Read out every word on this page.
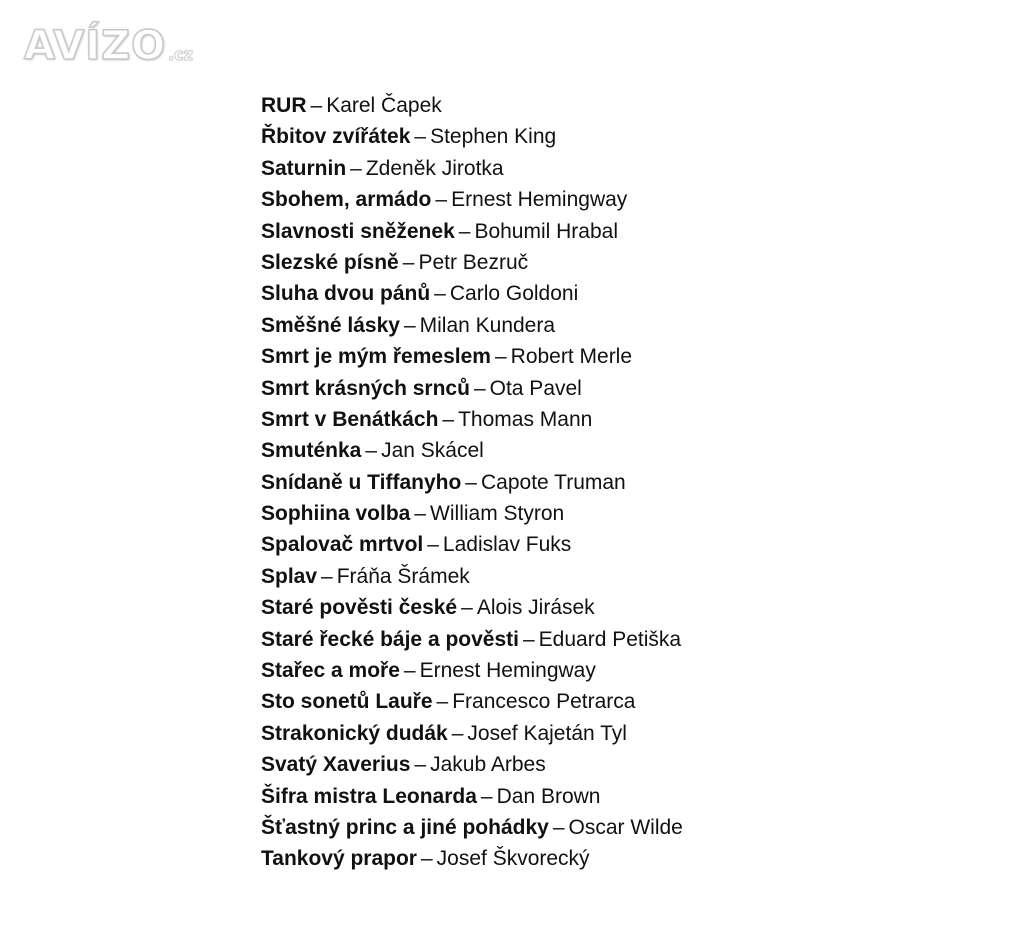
AVÍZO .cz
RUR – Karel Čapek
Řbitov zvířátek – Stephen King
Saturnin – Zdeněk Jirotka
Sbohem, armádo – Ernest Hemingway
Slavnosti sněženek – Bohumil Hrabal
Slezské písně – Petr Bezruč
Sluha dvou pánů – Carlo Goldoni
Směšné lásky – Milan Kundera
Smrt je mým řemeslem – Robert Merle
Smrt krásných srnců – Ota Pavel
Smrt v Benátkách – Thomas Mann
Smuténka – Jan Skácel
Snídaně u Tiffanyho – Capote Truman
Sophiina volba – William Styron
Spalovač mrtvol – Ladislav Fuks
Splav – Fráňa Šrámek
Staré pověsti české – Alois Jirásek
Staré řecké báje a pověsti – Eduard Petiška
Stařec a moře – Ernest Hemingway
Sto sonetů Lauře – Francesco Petrarca
Strakonický dudák – Josef Kajetán Tyl
Svatý Xaverius – Jakub Arbes
Šifra mistra Leonarda – Dan Brown
Šťastný princ a jiné pohádky – Oscar Wilde
Tankový prapor – Josef Škvorecký
